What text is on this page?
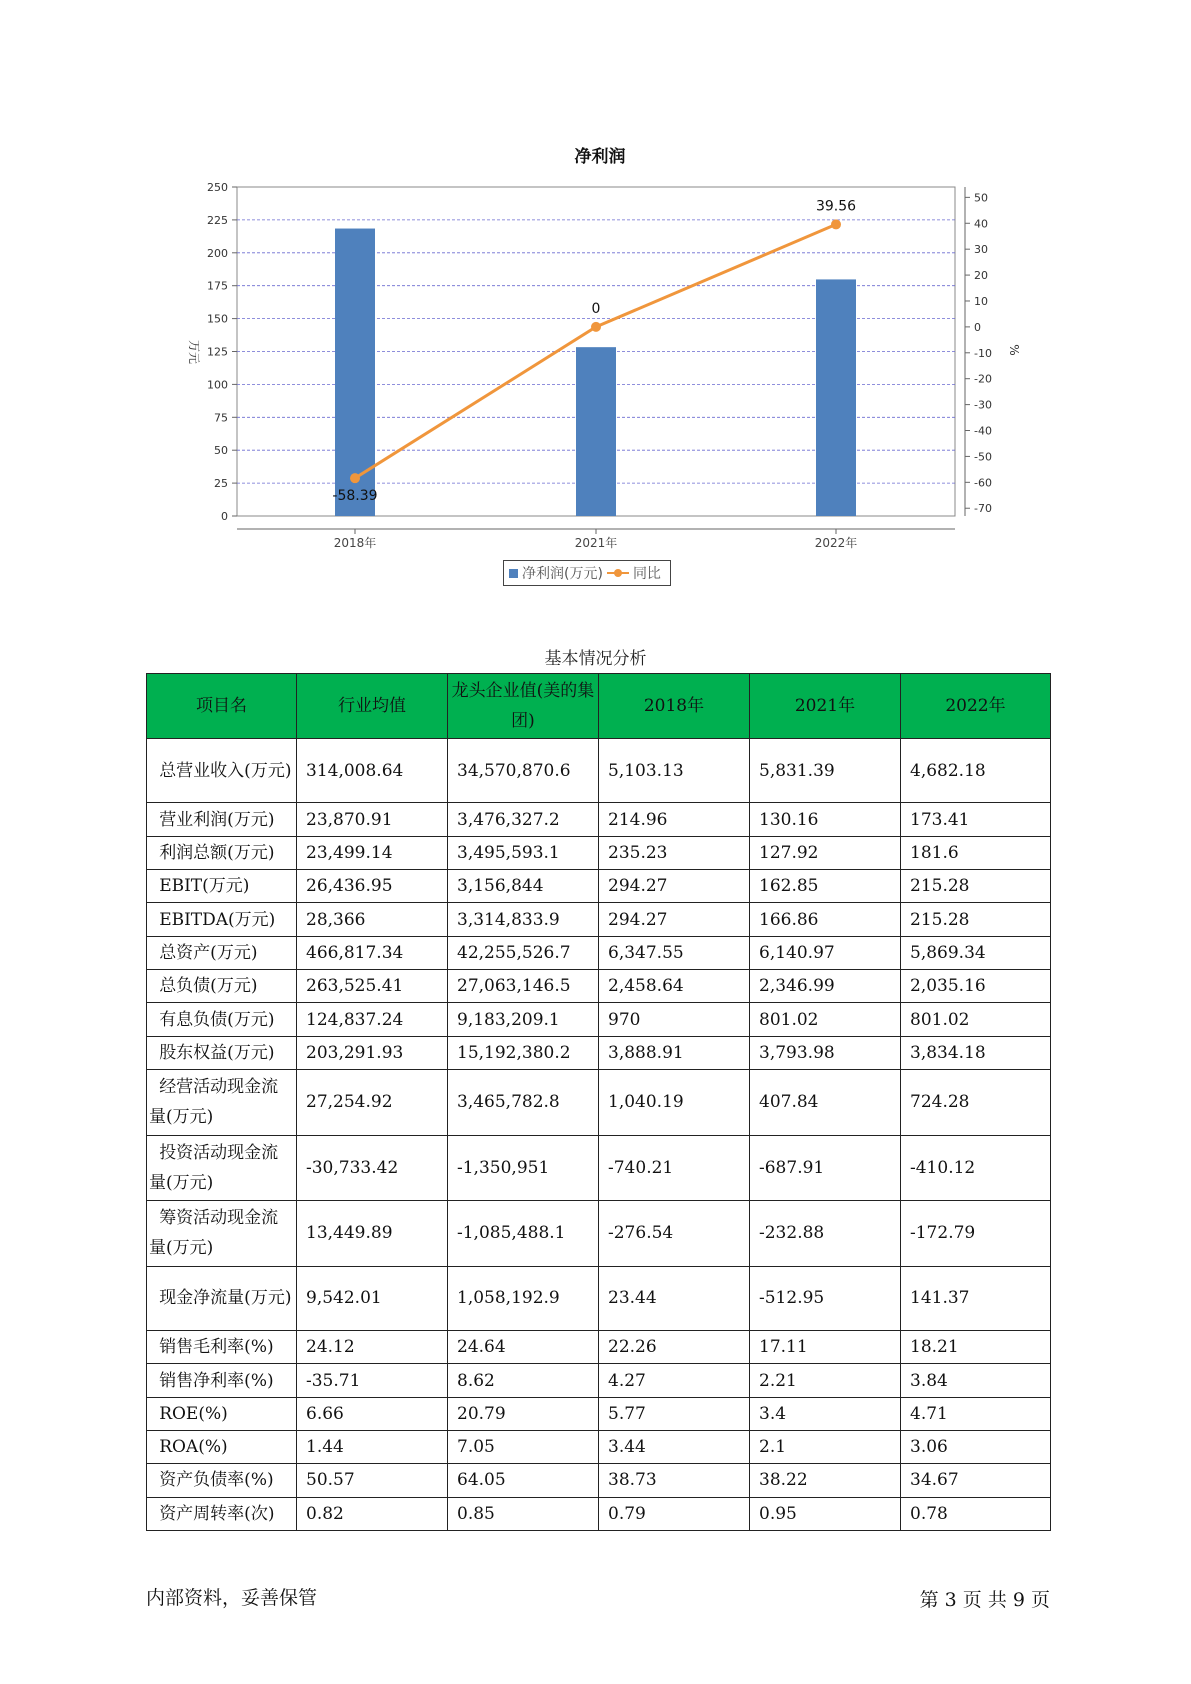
净利润
0
25
50
75
100
125
150
175
200
225
250
-70
-60
-50
-40
-30
-20
-10
0
10
20
30
40
50
万元	%
2018年	2021年	2022年
-58.39
0
39.56
净利润(万元) 同比
基本情况分析
项目名	行业均值	龙头企业值(美的集团)	2018年	2021年	2022年

总营业收入(万元)	314,008.64	34,570,870.6	5,103.13	5,831.39	4,682.18

营业利润(万元)	23,870.91	3,476,327.2	214.96	130.16	173.41

利润总额(万元)	23,499.14	3,495,593.1	235.23	127.92	181.6

EBIT(万元)	26,436.95	3,156,844	294.27	162.85	215.28

EBITDA(万元)	28,366	3,314,833.9	294.27	166.86	215.28

总资产(万元)	466,817.34	42,255,526.7	6,347.55	6,140.97	5,869.34

总负债(万元)	263,525.41	27,063,146.5	2,458.64	2,346.99	2,035.16

有息负债(万元)	124,837.24	9,183,209.1	970	801.02	801.02

股东权益(万元)	203,291.93	15,192,380.2	3,888.91	3,793.98	3,834.18

经营活动现金流量(万元)	27,254.92	3,465,782.8	1,040.19	407.84	724.28

投资活动现金流量(万元)	-30,733.42	-1,350,951	-740.21	-687.91	-410.12

筹资活动现金流量(万元)	13,449.89	-1,085,488.1	-276.54	-232.88	-172.79

现金净流量(万元)	9,542.01	1,058,192.9	23.44	-512.95	141.37

销售毛利率(%)	24.12	24.64	22.26	17.11	18.21

销售净利率(%)	-35.71	8.62	4.27	2.21	3.84

ROE(%)	6.66	20.79	5.77	3.4	4.71

ROA(%)	1.44	7.05	3.44	2.1	3.06

资产负债率(%)	50.57	64.05	38.73	38.22	34.67

资产周转率(次)	0.82	0.85	0.79	0.95	0.78
内部资料，妥善保管	第 3 页 共 9 页
